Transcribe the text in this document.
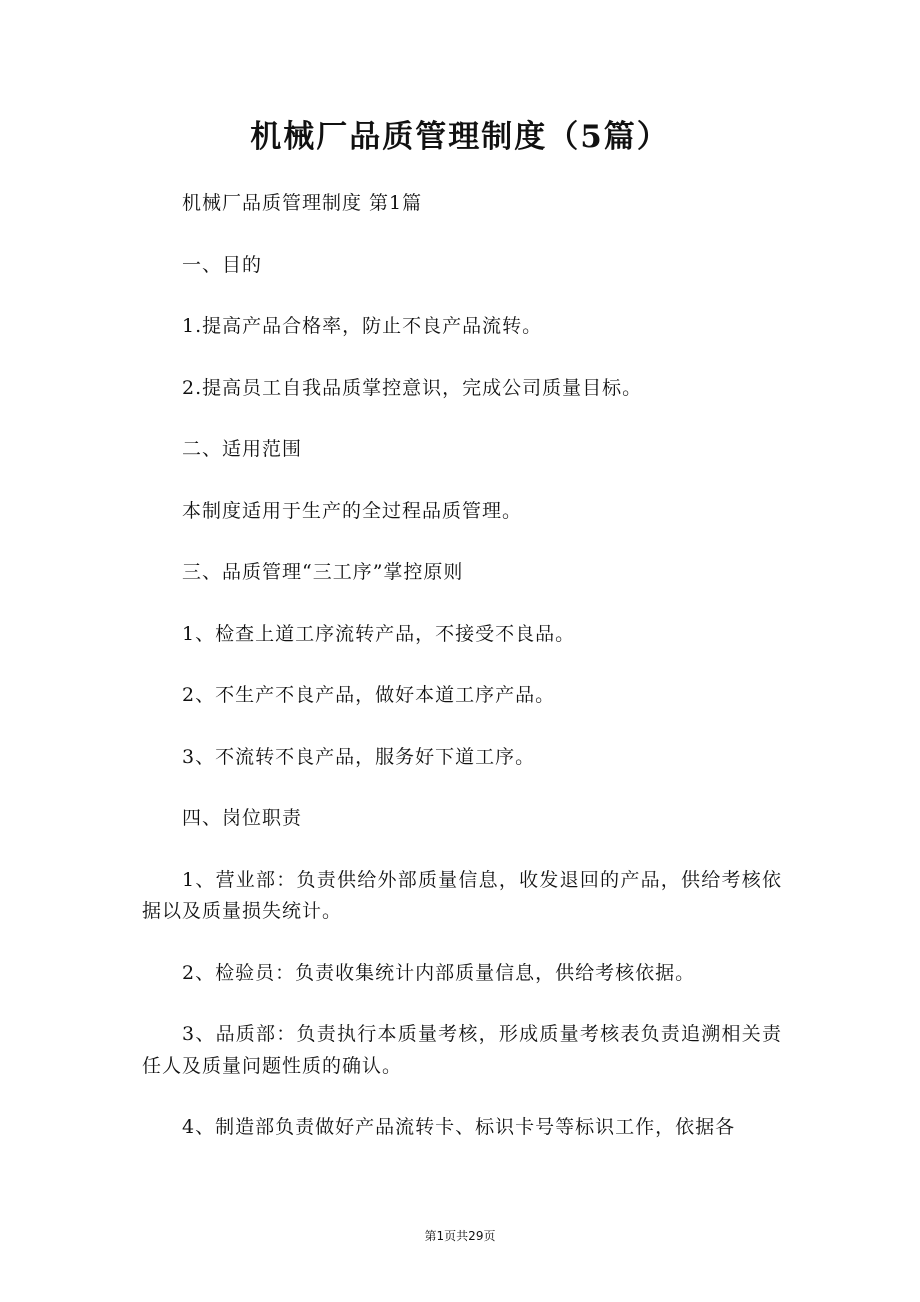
机械厂品质管理制度（5篇）

机械厂品质管理制度 第1篇

一、目的

1.提高产品合格率，防止不良产品流转。

2.提高员工自我品质掌控意识，完成公司质量目标。

二、适用范围

本制度适用于生产的全过程品质管理。

三、品质管理“三工序”掌控原则

1、检查上道工序流转产品，不接受不良品。

2、不生产不良产品，做好本道工序产品。

3、不流转不良产品，服务好下道工序。

四、岗位职责

1、营业部：负责供给外部质量信息，收发退回的产品，供给考核依据以及质量损失统计。

2、检验员：负责收集统计内部质量信息，供给考核依据。

3、品质部：负责执行本质量考核，形成质量考核表负责追溯相关责任人及质量问题性质的确认。

4、制造部负责做好产品流转卡、标识卡号等标识工作，依据各

第1页共29页
